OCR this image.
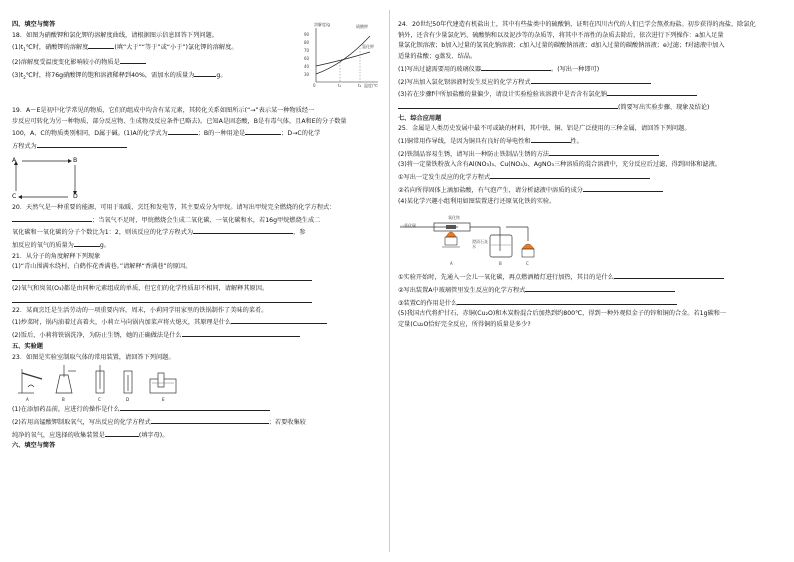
四、填空与简答
18．如图为硝酸钾和氯化钾的溶解度曲线，请根据图示信息回答下列问题。
$(1)t_1℃$时，硝酸钾的溶解度	(填“大于”“等于”或“小于”)氯化钾的溶解度。
(2)溶解度受温度变化影响较小的物质是
$(3)t_2℃$时，将76g硝酸钾的饱和溶液稀释到40%，需加水的质量为	g。
19．A～E是初中化学常见的物质，它们的组成中均含有某元素，其转化关系如图所示(“→”表示某一种物质经一
步反应可转化为另一种物质，部分反应物、生成物及反应条件已略去)。已知A是固态酸，B是有毒气体，且A和E的分子数量
100，A、C的物质类别相同，D属于碱。(1)A的化学式为	；B的一种用途是	；D→C的化学
方程式为
A	B
C	D
20．天然气是一种重要的能源，可用于取暖、烹饪和发电等，其主要成分为甲烷。请写出甲烷完全燃烧的化学方程式：
；当氧气不足时，甲烷燃烧会生成二氧化碳、一氧化碳和水，若16g甲烷燃烧生成二
氧化碳和一氧化碳的分子个数比为1：2，则该反应的化学方程式为	，参
加反应的氧气的质量为	g。
21．从分子的角度解释下列现象
(1)“青山围满水绕村，白鹤作花香满巷。”请解释“香满巷”的原因。
(2)氧气和臭氧(O₃)都是由同种元素组成的单质，但它们的化学性质却不相同，请解释其原因。
22．某商烹饪是生活劳动的一项重要内容，周末，小莉同学用家里的铁锅制作了美味的菜肴。
(1)炒菜时，锅内油着过高着火，小莉立马向锅内加菜声将火熄灭，其原理是什么
(2)饭后，小莉将铁锅洗净，为防止生锈，她的正确做法是什么
五、实验题
23．如图是实验室制取气体的常用装置，请回答下列问题。
A	B	C	D	E
(1)在添加药品前，应进行的操作是什么
(2)若用高锰酸钾制取氧气，写出反应的化学方程式	；若要收集较
纯净的氧气，应选择的收集装置是	(填字母)。
六、填空与简答
溶解度/g	硝酸钾
氯化钾
90
80
70
60
40
30
0	t₁	t₂ 温度/℃
24．20世纪50年代建造有机盐出土，其中有些盐类中的硫酸钠，证明在四川古代的人们已学会熬煮海盐。初步获得的海盐，除氯化
钠外，还含有少量氯化钙、硫酸钠和以及泥沙等的杂质等，将其中不溶性的杂质去除后，依次进行下列操作：a加入足量
量氯化钡溶液；b加入过量的氢氧化钠溶液；c加入过量的碳酸钠溶液；d加入过量的碳酸钠溶液；e过滤；f对滤液中加入
适量的盐酸；g蒸发、结晶。
(1)写出过滤需要用的玻璃仪器	。(写出一种即可)
(2)写出加入氯化钡溶液时发生反应的化学方程式
(3)若在步骤f中所加盐酸的量偏少，请设计实验检验该溶液中是否含有氯化钠
(简要写出实验步骤、现象及结论)
七、综合应用题
25．金属是人类历史发展中最不可或缺的材料，其中铁、铜、铝是广泛使用的三种金属，请回答下列问题。
(1)铜常用作导线，是因为铜具有良好的导电性和	性。
(2)铁制品容易生锈，请写出一种防止铁制品生锈的方法
(3)将一定量铁粉放入含有Al(NO₃)₃、Cu(NO₃)₂、AgNO₃三种溶质的混合溶液中，充分反应后过滤，得到固体和滤液。
①写出一定发生反应的化学方程式
②若向所得固体上滴加盐酸，有气泡产生，请分析滤液中溶质的成分
(4)某化学兴趣小组利用如图装置进行还原氧化铁的实验。
一氧化碳
氧化铁
澄清石灰水
A	B	C
①实验开始时，先通入一会儿一氧化碳，再点燃酒精灯进行加热，其目的是什么
②写出装置A中玻璃管里发生反应的化学方程式
③装置C的作用是什么
(5)我国古代将炉甘石、赤铜(Cu₂O)和木炭粉混合后加热到约800℃，得到一种外观似金子的锌和铜的合金。若1g碳和一
定量(Cu₂O恰好完全反应，所得铜的质量是多少?
